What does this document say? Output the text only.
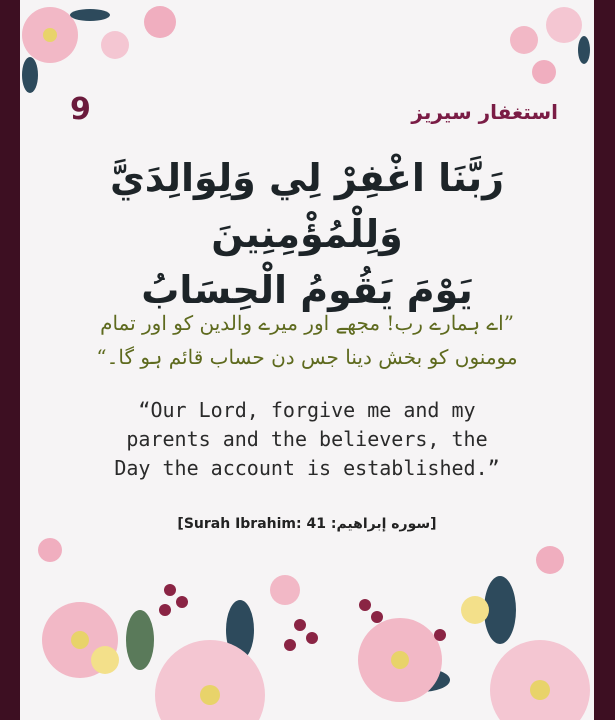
9	استغفار سیریز
رَبَّنَا اغْفِرْ لِي وَلِوَالِدَيَّ وَلِلْمُؤْمِنِينَ
يَوْمَ يَقُومُ الْحِسَابُ
”اے ہمارے رب! مجھے اور میرے والدین کو اور تمام
مومنوں کو بخش دینا جس دن حساب قائم ہو گا۔“
“Our Lord, forgive me and my
parents and the believers, the
Day the account is established.”
[Surah Ibrahim: 41 :سوره إبراهيم]
